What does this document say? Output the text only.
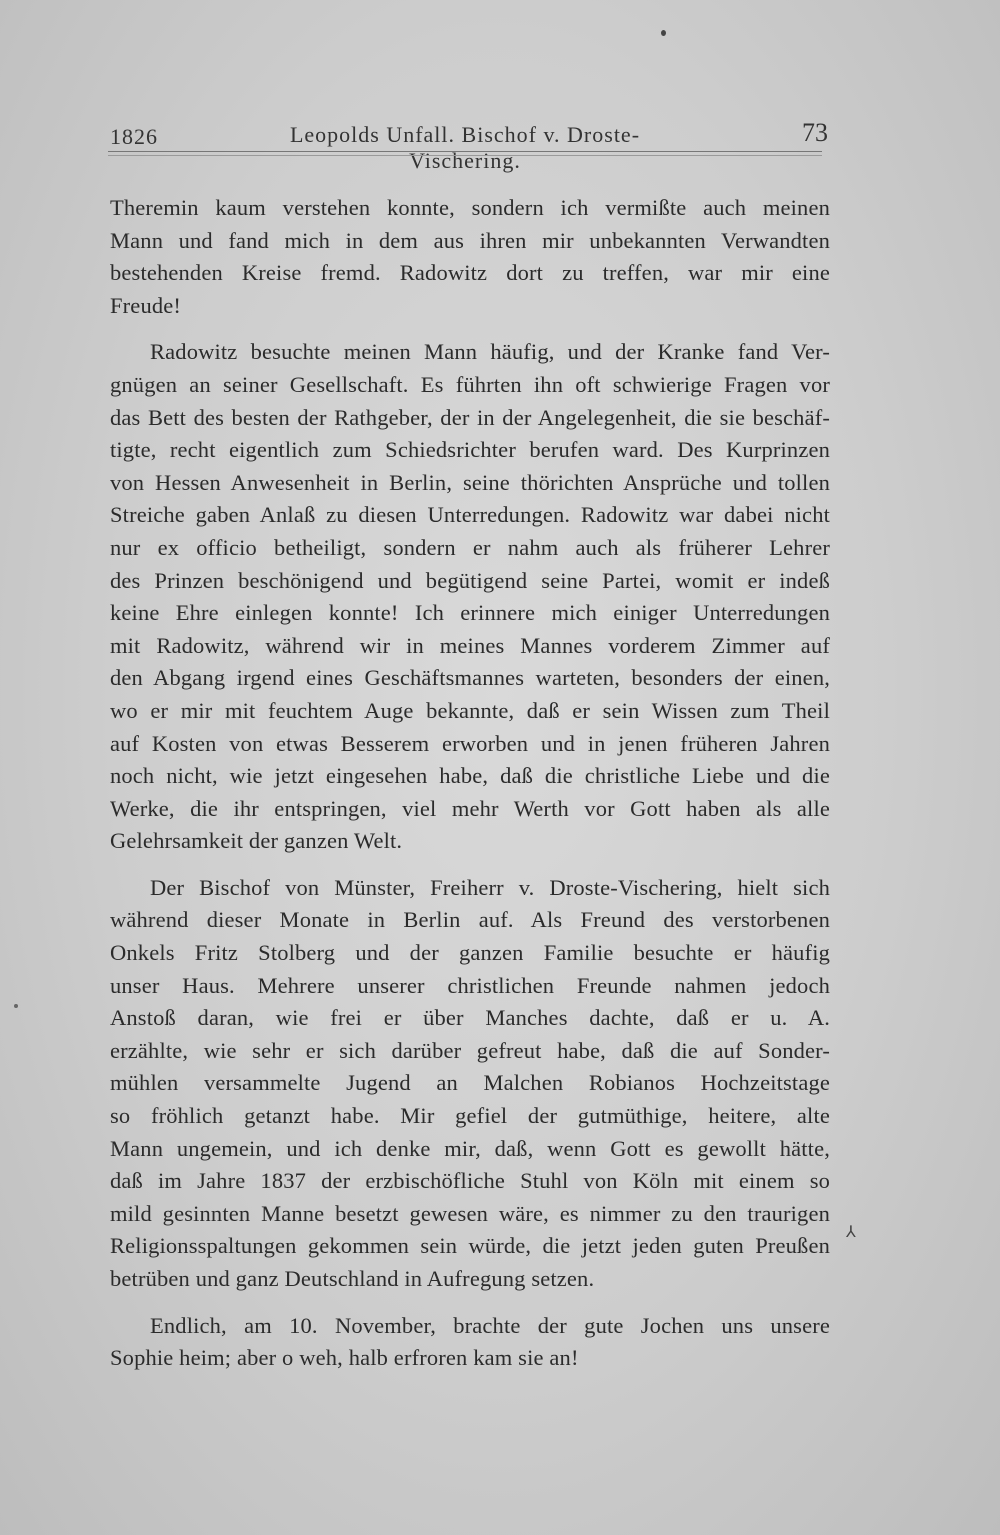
1826	Leopolds Unfall. Bischof v. Droste-Vischering.
73
Theremin kaum verstehen konnte, sondern ich vermißte auch meinen
Mann und fand mich in dem aus ihren mir unbekannten Verwandten
bestehenden Kreise fremd. Radowitz dort zu treffen, war mir eine
Freude!
Radowitz besuchte meinen Mann häufig, und der Kranke fand Ver-
gnügen an seiner Gesellschaft. Es führten ihn oft schwierige Fragen vor
das Bett des besten der Rathgeber, der in der Angelegenheit, die sie beschäf-
tigte, recht eigentlich zum Schiedsrichter berufen ward. Des Kurprinzen
von Hessen Anwesenheit in Berlin, seine thörichten Ansprüche und tollen
Streiche gaben Anlaß zu diesen Unterredungen. Radowitz war dabei nicht
nur ex officio betheiligt, sondern er nahm auch als früherer Lehrer
des Prinzen beschönigend und begütigend seine Partei, womit er indeß
keine Ehre einlegen konnte! Ich erinnere mich einiger Unterredungen
mit Radowitz, während wir in meines Mannes vorderem Zimmer auf
den Abgang irgend eines Geschäftsmannes warteten, besonders der einen,
wo er mir mit feuchtem Auge bekannte, daß er sein Wissen zum Theil
auf Kosten von etwas Besserem erworben und in jenen früheren Jahren
noch nicht, wie jetzt eingesehen habe, daß die christliche Liebe und die
Werke, die ihr entspringen, viel mehr Werth vor Gott haben als alle
Gelehrsamkeit der ganzen Welt.
Der Bischof von Münster, Freiherr v. Droste-Vischering, hielt sich
während dieser Monate in Berlin auf. Als Freund des verstorbenen
Onkels Fritz Stolberg und der ganzen Familie besuchte er häufig
unser Haus. Mehrere unserer christlichen Freunde nahmen jedoch
Anstoß daran, wie frei er über Manches dachte, daß er u. A.
erzählte, wie sehr er sich darüber gefreut habe, daß die auf Sonder-
mühlen versammelte Jugend an Malchen Robianos Hochzeitstage
so fröhlich getanzt habe. Mir gefiel der gutmüthige, heitere, alte
Mann ungemein, und ich denke mir, daß, wenn Gott es gewollt hätte,
daß im Jahre 1837 der erzbischöfliche Stuhl von Köln mit einem so
mild gesinnten Manne besetzt gewesen wäre, es nimmer zu den traurigen
Religionsspaltungen gekommen sein würde, die jetzt jeden guten Preußen
betrüben und ganz Deutschland in Aufregung setzen.
Endlich, am 10. November, brachte der gute Jochen uns unsere
Sophie heim; aber o weh, halb erfroren kam sie an!
⅄
